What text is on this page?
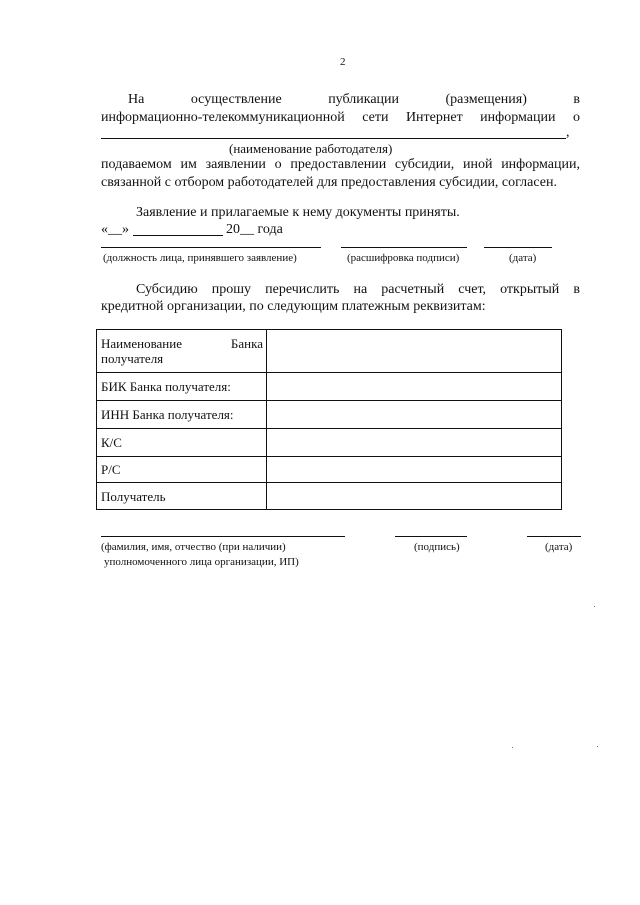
2
На	осуществление	публикации	(размещения)	в
информационно-телекоммуникационной сети Интернет информации о
,
(наименование работодателя)
подаваемом им заявлении о предоставлении субсидии, иной информации,
связанной с отбором работодателей для предоставления субсидии, согласен.
Заявление и прилагаемые к нему документы приняты.
«__»	20__ года
(должность лица, принявшего заявление)	(расшифровка подписи)	(дата)
Субсидию прошу перечислить на расчетный счет, открытый в
кредитной организации, по следующим платежным реквизитам:
Наименование Банка
получателя	

БИК Банка получателя:	
ИНН Банка получателя:	
К/С	
Р/С	
Получатель	
(фамилия, имя, отчество (при наличии)
уполномоченного лица организации, ИП)
(подпись)	(дата)
